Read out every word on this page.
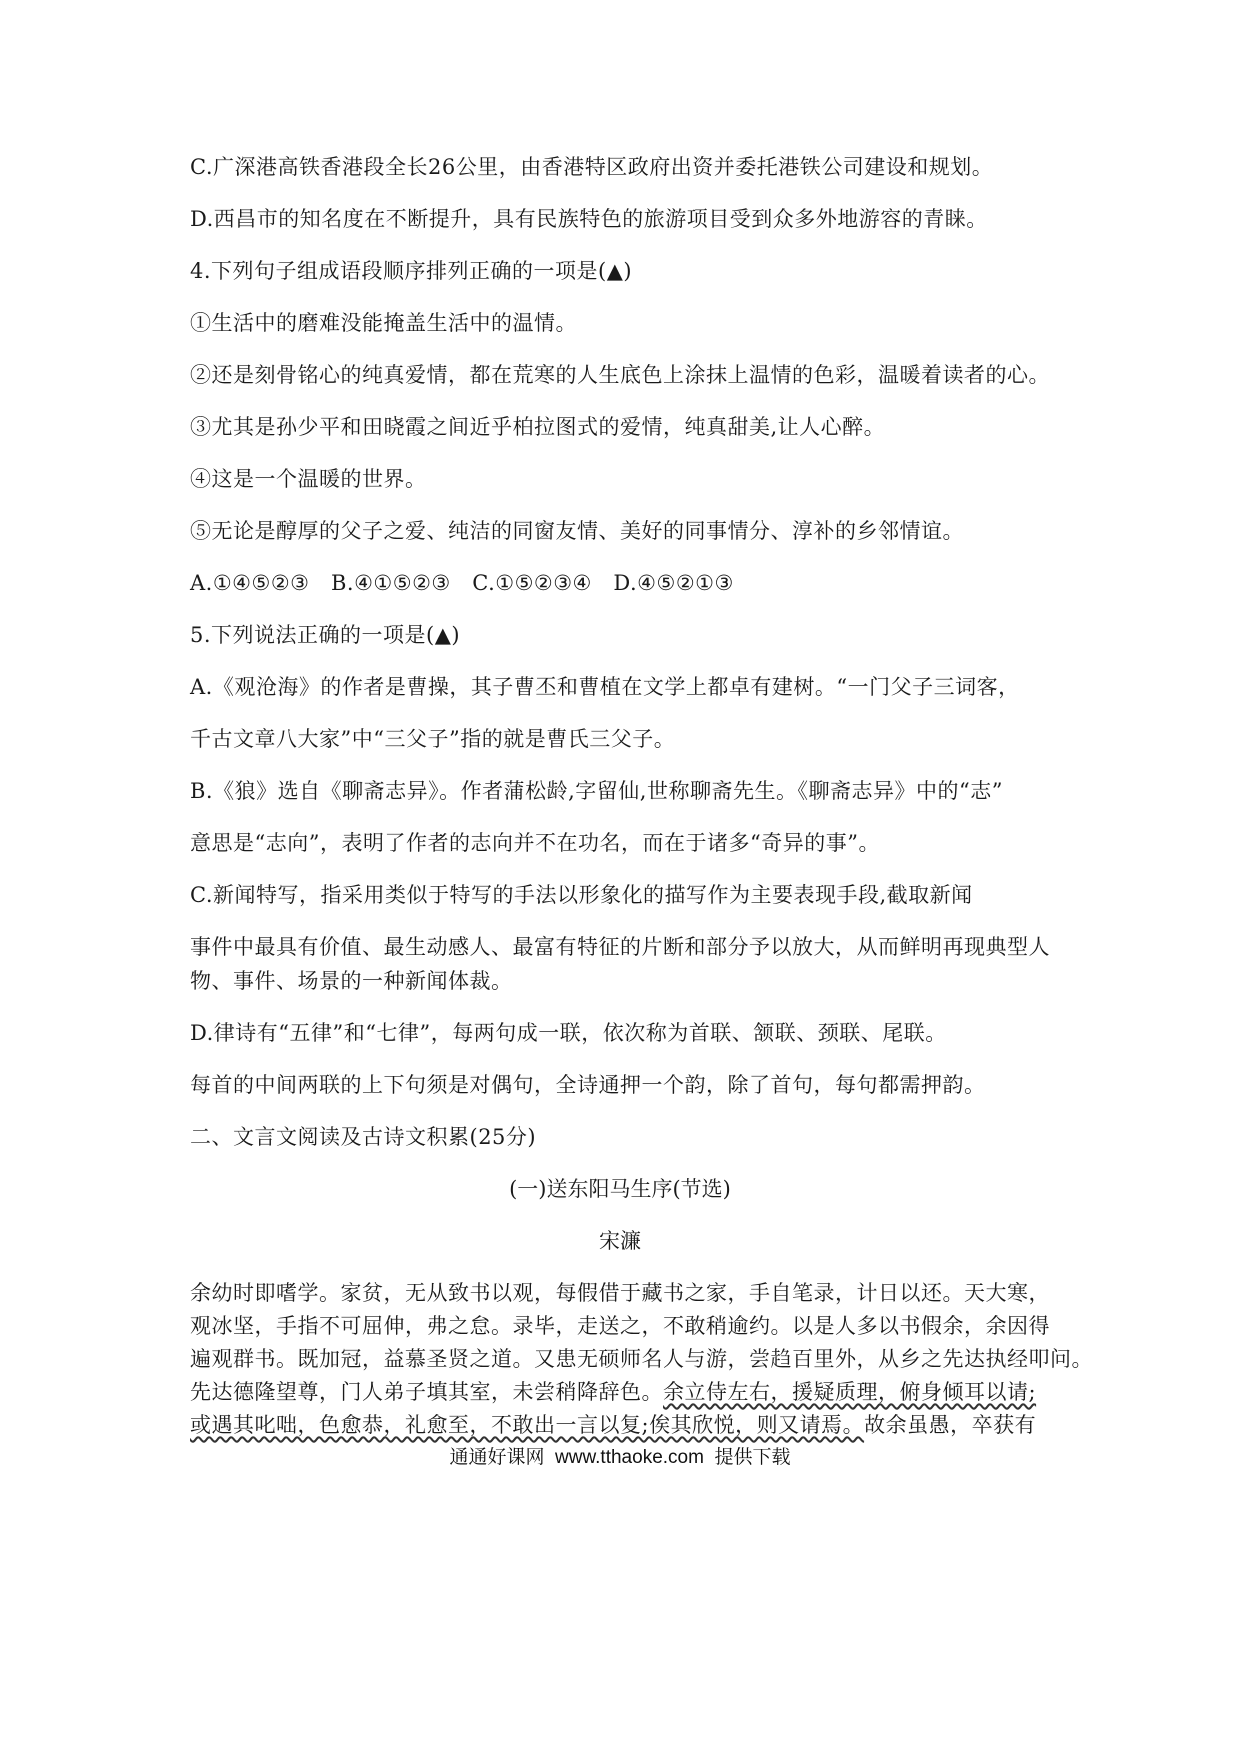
C.广深港高铁香港段全长26公里，由香港特区政府出资并委托港铁公司建设和规划。
D.西昌市的知名度在不断提升，具有民族特色的旅游项目受到众多外地游容的青睐。
4.下列句子组成语段顺序排列正确的一项是(▲)
①生活中的磨难没能掩盖生活中的温情。
②还是刻骨铭心的纯真爱情，都在荒寒的人生底色上涂抹上温情的色彩，温暖着读者的心。
③尤其是孙少平和田晓霞之间近乎柏拉图式的爱情，纯真甜美,让人心醉。
④这是一个温暖的世界。
⑤无论是醇厚的父子之爱、纯洁的同窗友情、美好的同事情分、淳补的乡邻情谊。
A.①④⑤②③   B.④①⑤②③   C.①⑤②③④   D.④⑤②①③
5.下列说法正确的一项是(▲)
A.《观沧海》的作者是曹操，其子曹丕和曹植在文学上都卓有建树。“一门父子三词客，
千古文章八大家”中“三父子”指的就是曹氏三父子。
B.《狼》选自《聊斋志异》。作者蒲松龄,字留仙,世称聊斋先生。《聊斋志异》中的“志”
意思是“志向”，表明了作者的志向并不在功名，而在于诸多“奇异的事”。
C.新闻特写，指采用类似于特写的手法以形象化的描写作为主要表现手段,截取新闻
事件中最具有价值、最生动感人、最富有特征的片断和部分予以放大，从而鲜明再现典型人
物、事件、场景的一种新闻体裁。
D.律诗有“五律”和“七律”，每两句成一联，依次称为首联、颔联、颈联、尾联。
每首的中间两联的上下句须是对偶句，全诗通押一个韵，除了首句，每句都需押韵。
二、文言文阅读及古诗文积累(25分)
(一)送东阳马生序(节选)
宋濂
余幼时即嗜学。家贫，无从致书以观，每假借于藏书之家，手自笔录，计日以还。天大寒，
观冰坚，手指不可屈伸，弗之怠。录毕，走送之，不敢稍逾约。以是人多以书假余，余因得
遍观群书。既加冠，益慕圣贤之道。又患无硕师名人与游，尝趋百里外，从乡之先达执经叩问。
先达德隆望尊，门人弟子填其室，未尝稍降辞色。余立侍左右，援疑质理，俯身倾耳以请;
或遇其叱咄，色愈恭，礼愈至，不敢出一言以复;俟其欣悦，则又请焉。故余虽愚，卒获有
通通好课网  www.tthaoke.com  提供下载
